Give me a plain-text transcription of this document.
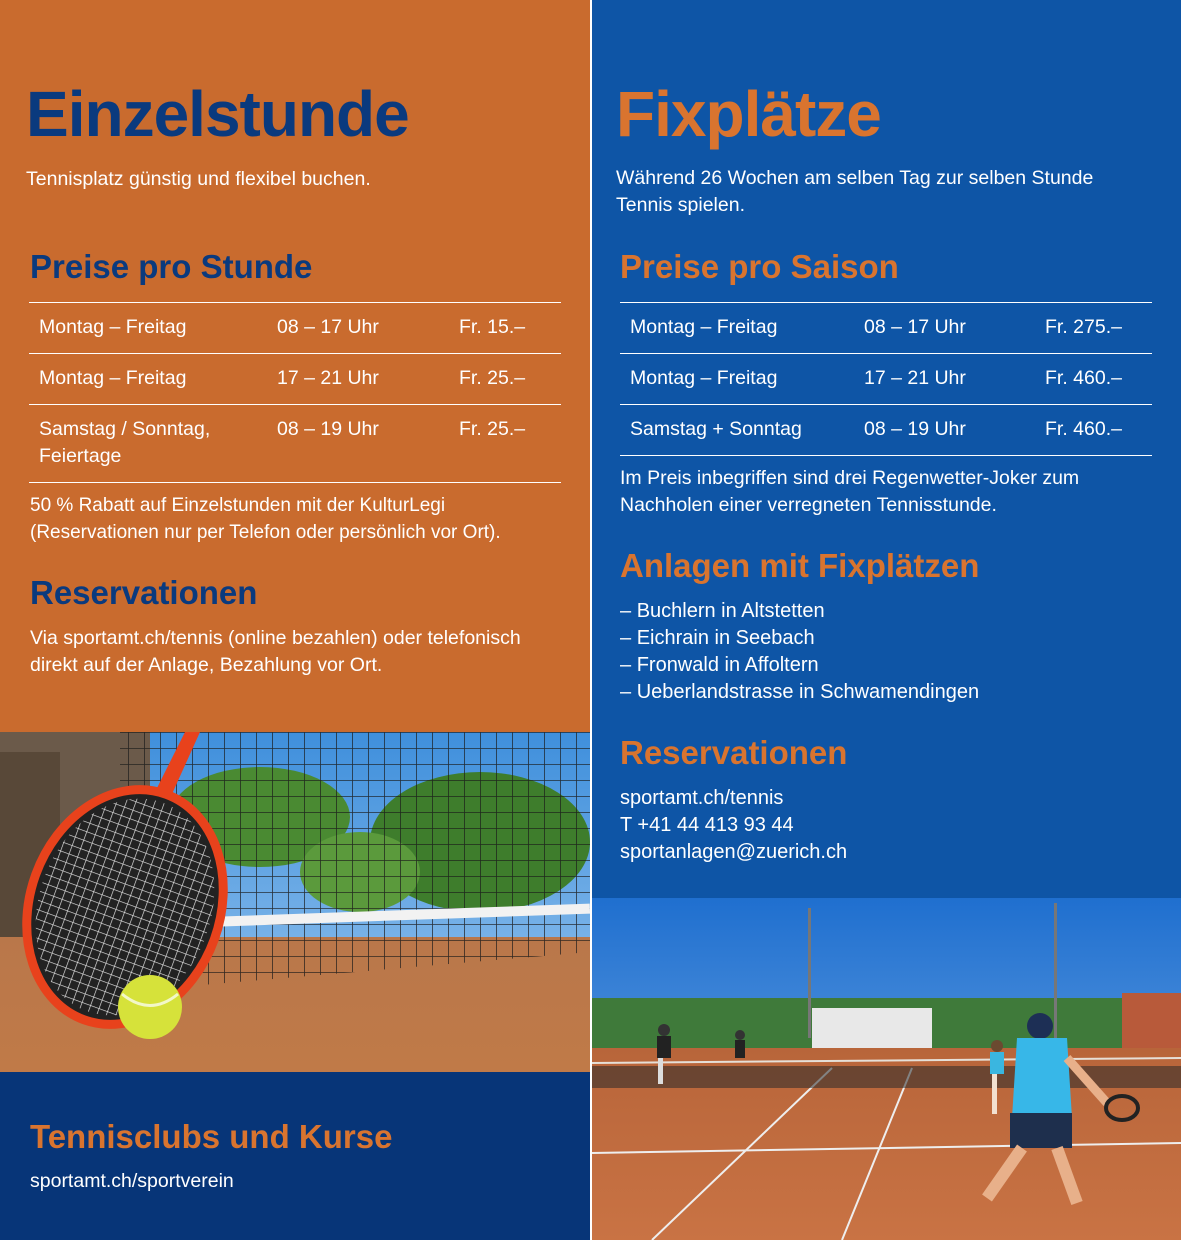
Einzelstunde

Tennisplatz günstig und flexibel buchen.

Preise pro Stunde
Montag – Freitag	08 – 17 Uhr	Fr. 15.–
Montag – Freitag	17 – 21 Uhr	Fr. 25.–
Samstag / Sonntag, Feiertage	08 – 19 Uhr	Fr. 25.–

50 % Rabatt auf Einzelstunden mit der KulturLegi (Reservationen nur per Telefon oder persönlich vor Ort).

Reservationen

Via sportamt.ch/tennis (online bezahlen) oder telefonisch direkt auf der Anlage, Bezahlung vor Ort.

Tennisclubs und Kurse
sportamt.ch/sportverein
Fixplätze

Während 26 Wochen am selben Tag zur selben Stunde Tennis spielen.

Preise pro Saison
Montag – Freitag	08 – 17 Uhr	Fr. 275.–
Montag – Freitag	17 – 21 Uhr	Fr. 460.–
Samstag + Sonntag	08 – 19 Uhr	Fr. 460.–

Im Preis inbegriffen sind drei Regenwetter-Joker zum Nachholen einer verregneten Tennisstunde.

Anlagen mit Fixplätzen
– Buchlern in Altstetten
– Eichrain in Seebach
– Fronwald in Affoltern
– Ueberlandstrasse in Schwamendingen
Reservationen
sportamt.ch/tennis
T +41 44 413 93 44
sportanlagen@zuerich.ch
